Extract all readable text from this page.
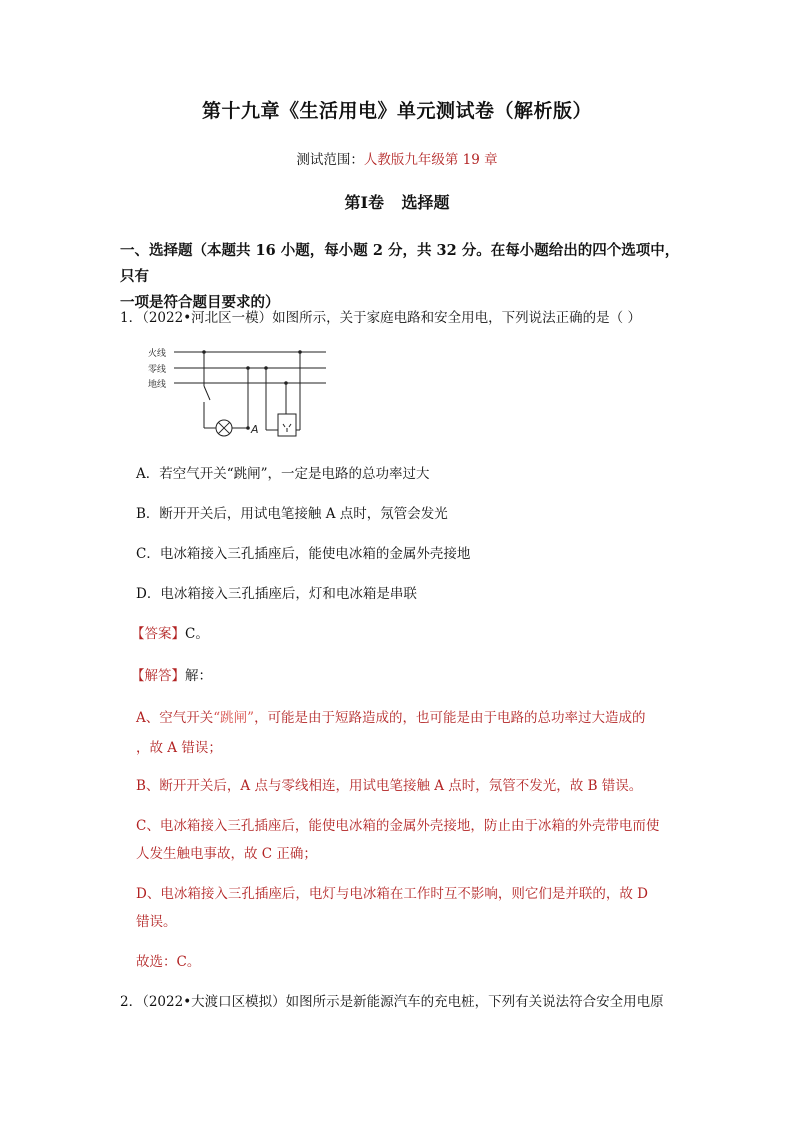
第十九章《生活用电》单元测试卷（解析版）
测试范围：人教版九年级第 19 章
第Ⅰ卷 选择题
一、选择题（本题共 16 小题，每小题 2 分，共 32 分。在每小题给出的四个选项中，只有
一项是符合题目要求的）
1．（2022•河北区一模）如图所示，关于家庭电路和安全用电，下列说法正确的是（ ）
火线
零线
地线
A
A．若空气开关“跳闸”，一定是电路的总功率过大
B．断开开关后，用试电笔接触 A 点时，氖管会发光
C．电冰箱接入三孔插座后，能使电冰箱的金属外壳接地
D．电冰箱接入三孔插座后，灯和电冰箱是串联
【答案】C。
【解答】解：
A、空气开关“跳闸”，可能是由于短路造成的，也可能是由于电路的总功率过大造成的
，故 A 错误；
B、断开开关后，A 点与零线相连，用试电笔接触 A 点时，氖管不发光，故 B 错误。
C、电冰箱接入三孔插座后，能使电冰箱的金属外壳接地，防止由于冰箱的外壳带电而使
人发生触电事故，故 C 正确；
D、电冰箱接入三孔插座后，电灯与电冰箱在工作时互不影响，则它们是并联的，故 D
错误。
故选：C。
2．（2022•大渡口区模拟）如图所示是新能源汽车的充电桩，下列有关说法符合安全用电原
